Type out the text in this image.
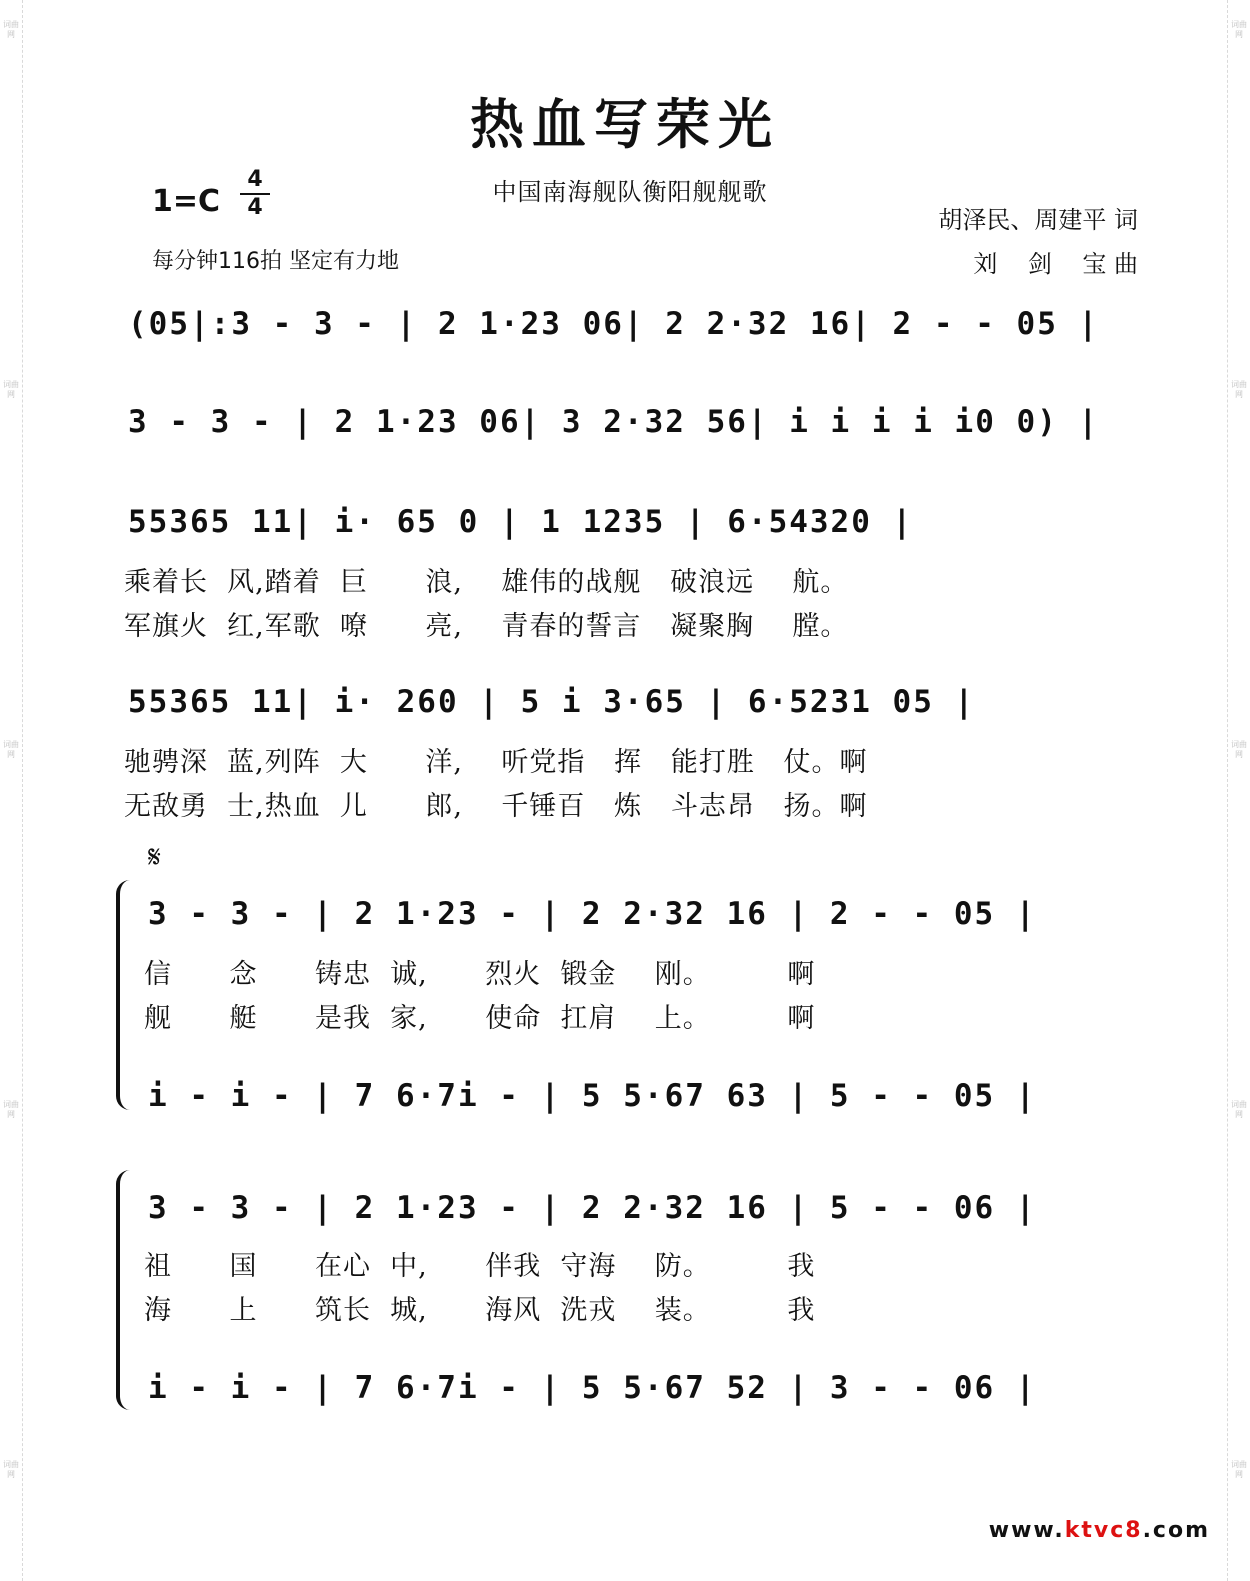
词曲网
词曲网
词曲网
词曲网
词曲网
词曲网
词曲网
词曲网
词曲网
词曲网
热血写荣光
中国南海舰队衡阳舰舰歌
1=C
4
4
每分钟116拍 坚定有力地
胡泽民、周建平 词
刘    剑    宝 曲
(05|:3 - 3 - | 2 1·23 06| 2 2·32 16| 2 - - 05 |
3 - 3 - | 2 1·23 06| 3 2·32 56| i i i i i0 0) |
55365 11| i· 65 0 | 1 1235 | 6·54320 |
乘着长  风,踏着  巨      浪,    雄伟的战舰   破浪远    航。
军旗火  红,军歌  嘹      亮,    青春的誓言   凝聚胸    膛。
55365 11| i· 260 | 5 i 3·65 | 6·5231 05 |
驰骋深  蓝,列阵  大      洋,    听党指   挥   能打胜   仗。啊
无敌勇  士,热血  儿      郎,    千锤百   炼   斗志昂   扬。啊
𝄋
3 - 3 - | 2 1·23 - | 2 2·32 16 | 2 - - 05 |
信      念      铸忠  诚,      烈火  锻金    刚。        啊
舰      艇      是我  家,      使命  扛肩    上。        啊
i - i - | 7 6·7i - | 5 5·67 63 | 5 - - 05 |
3 - 3 - | 2 1·23 - | 2 2·32 16 | 5 - - 06 |
祖      国      在心  中,      伴我  守海    防。        我
海      上      筑长  城,      海风  洗戎    装。        我
i - i - | 7 6·7i - | 5 5·67 52 | 3 - - 06 |
www.ktvc8.com
